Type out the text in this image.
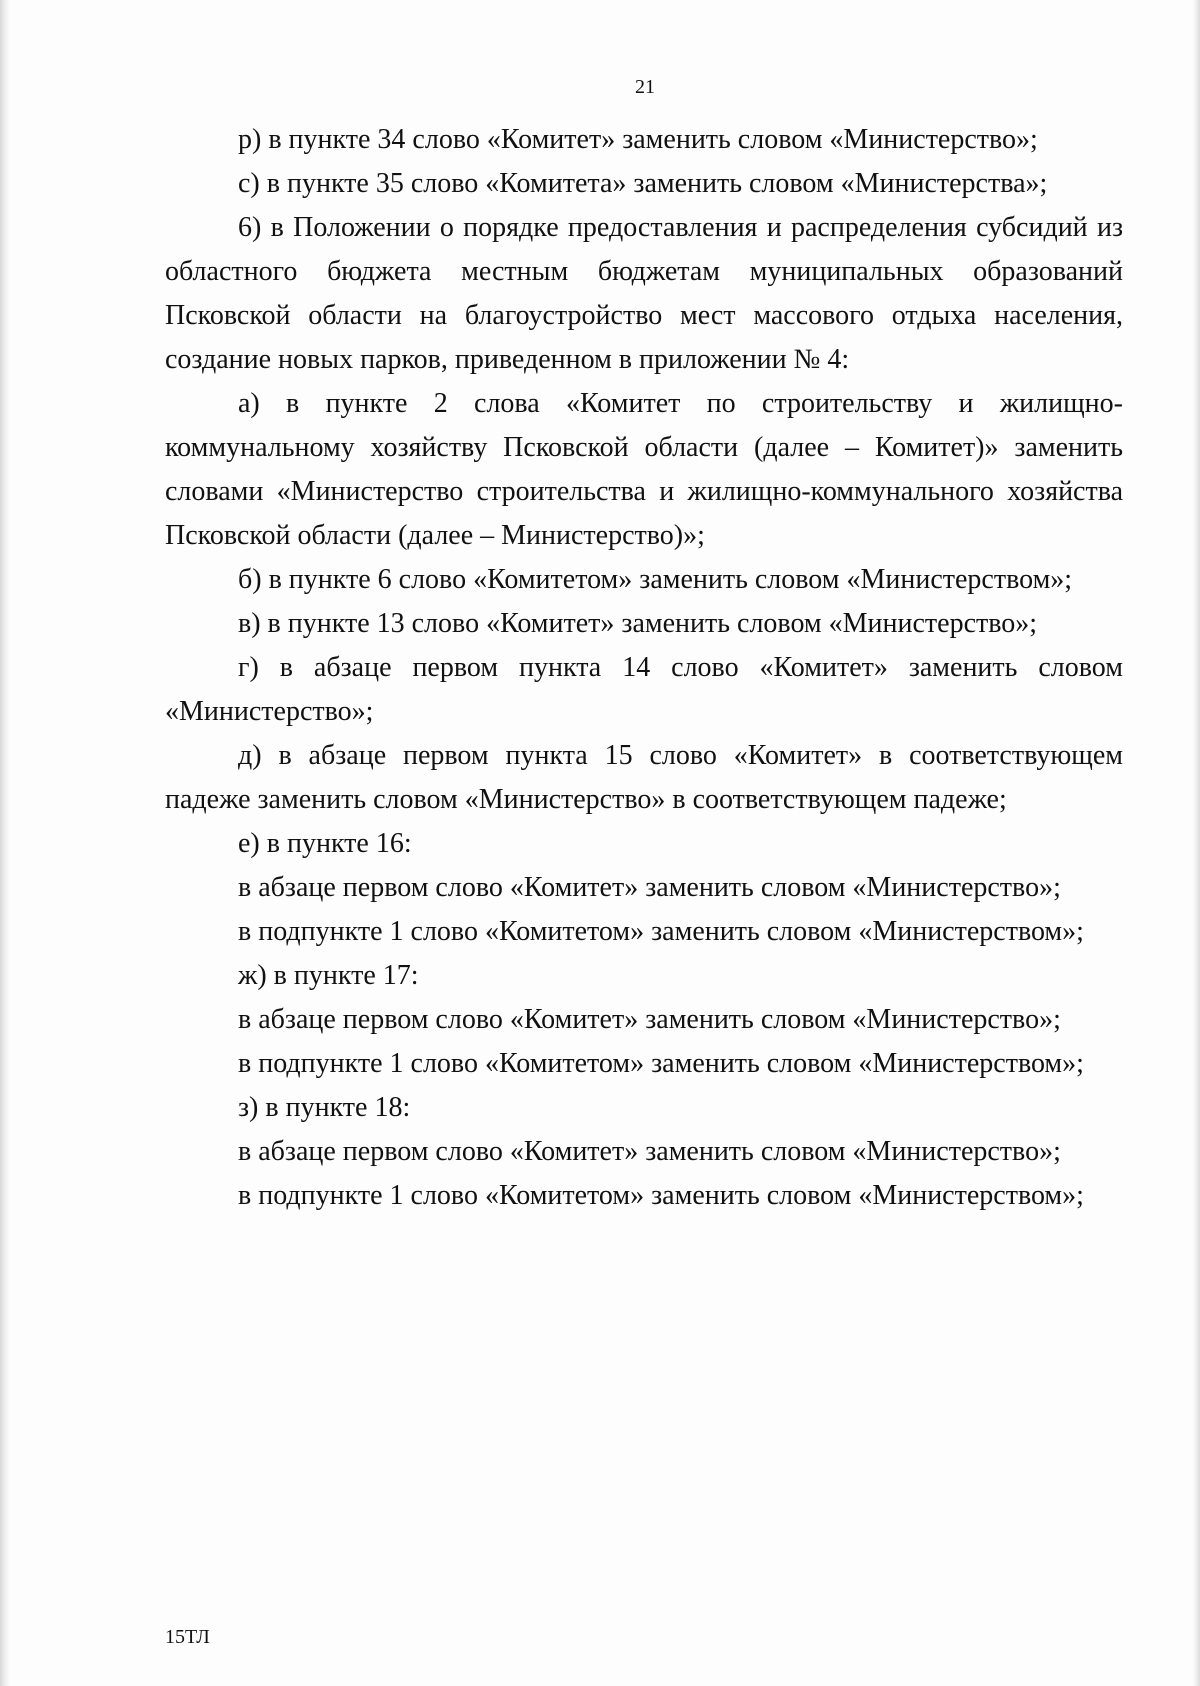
21

р) в пункте 34 слово «Комитет» заменить словом «Министерство»;

с) в пункте 35 слово «Комитета» заменить словом «Министерства»;

6) в Положении о порядке предоставления и распределения субсидий из областного бюджета местным бюджетам муниципальных образований Псковской области на благоустройство мест массового отдыха населения, создание новых парков, приведенном в приложении № 4:

а) в пункте 2 слова «Комитет по строительству и жилищно-коммунальному хозяйству Псковской области (далее – Комитет)» заменить словами «Министерство строительства и жилищно-коммунального хозяйства Псковской области (далее – Министерство)»;

б) в пункте 6 слово «Комитетом» заменить словом «Министерством»;

в) в пункте 13 слово «Комитет» заменить словом «Министерство»;

г) в абзаце первом пункта 14 слово «Комитет» заменить словом «Министерство»;

д) в абзаце первом пункта 15 слово «Комитет» в соответствующем падеже заменить словом «Министерство» в соответствующем падеже;

е) в пункте 16:

в абзаце первом слово «Комитет» заменить словом «Министерство»;

в подпункте 1 слово «Комитетом» заменить словом «Министерством»;

ж) в пункте 17:

в абзаце первом слово «Комитет» заменить словом «Министерство»;

в подпункте 1 слово «Комитетом» заменить словом «Министерством»;

з) в пункте 18:

в абзаце первом слово «Комитет» заменить словом «Министерство»;

в подпункте 1 слово «Комитетом» заменить словом «Министерством»;

15ТЛ
